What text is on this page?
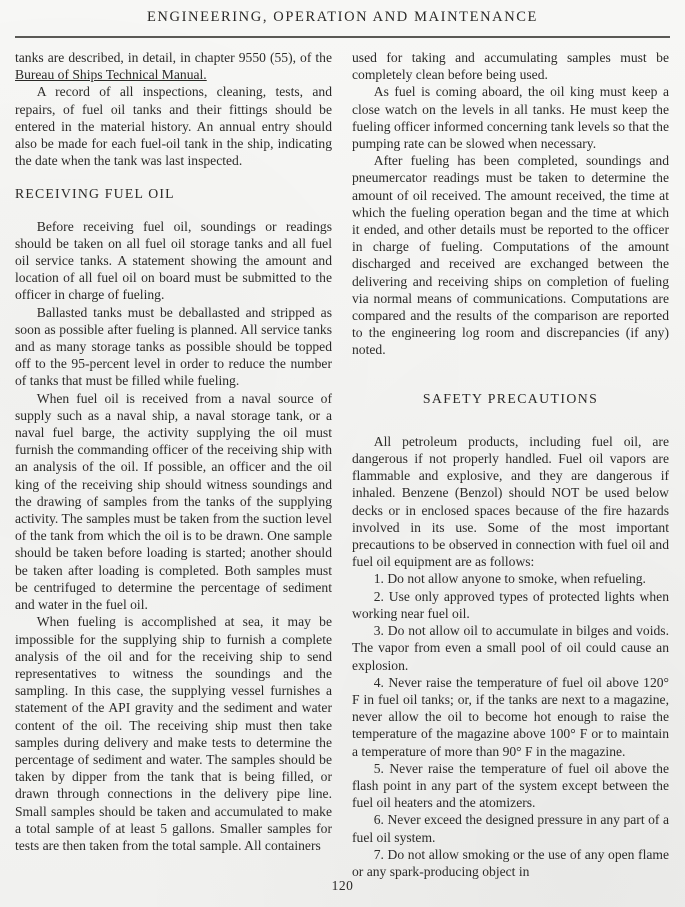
ENGINEERING, OPERATION AND MAINTENANCE

tanks are described, in detail, in chapter 9550 (55), of the Bureau of Ships Technical Manual.

A record of all inspections, cleaning, tests, and repairs, of fuel oil tanks and their fittings should be entered in the material history. An annual entry should also be made for each fuel-oil tank in the ship, indicating the date when the tank was last inspected.

RECEIVING FUEL OIL

Before receiving fuel oil, soundings or readings should be taken on all fuel oil storage tanks and all fuel oil service tanks. A statement showing the amount and location of all fuel oil on board must be submitted to the officer in charge of fueling.

Ballasted tanks must be deballasted and stripped as soon as possible after fueling is planned. All service tanks and as many storage tanks as possible should be topped off to the 95-percent level in order to reduce the number of tanks that must be filled while fueling.

When fuel oil is received from a naval source of supply such as a naval ship, a naval storage tank, or a naval fuel barge, the activity supplying the oil must furnish the commanding officer of the receiving ship with an analysis of the oil. If possible, an officer and the oil king of the receiving ship should witness soundings and the drawing of samples from the tanks of the supplying activity. The samples must be taken from the suction level of the tank from which the oil is to be drawn. One sample should be taken before loading is started; another should be taken after loading is completed. Both samples must be centrifuged to determine the percentage of sediment and water in the fuel oil.

When fueling is accomplished at sea, it may be impossible for the supplying ship to furnish a complete analysis of the oil and for the receiving ship to send representatives to witness the soundings and the sampling. In this case, the supplying vessel furnishes a statement of the API gravity and the sediment and water content of the oil. The receiving ship must then take samples during delivery and make tests to determine the percentage of sediment and water. The samples should be taken by dipper from the tank that is being filled, or drawn through connections in the delivery pipe line. Small samples should be taken and accumulated to make a total sample of at least 5 gallons. Smaller samples for tests are then taken from the total sample. All containers

used for taking and accumulating samples must be completely clean before being used.

As fuel is coming aboard, the oil king must keep a close watch on the levels in all tanks. He must keep the fueling officer informed concerning tank levels so that the pumping rate can be slowed when necessary.

After fueling has been completed, soundings and pneumercator readings must be taken to determine the amount of oil received. The amount received, the time at which the fueling operation began and the time at which it ended, and other details must be reported to the officer in charge of fueling. Computations of the amount discharged and received are exchanged between the delivering and receiving ships on completion of fueling via normal means of communications. Computations are compared and the results of the comparison are reported to the engineering log room and discrepancies (if any) noted.

SAFETY PRECAUTIONS

All petroleum products, including fuel oil, are dangerous if not properly handled. Fuel oil vapors are flammable and explosive, and they are dangerous if inhaled. Benzene (Benzol) should NOT be used below decks or in enclosed spaces because of the fire hazards involved in its use. Some of the most important precautions to be observed in connection with fuel oil and fuel oil equipment are as follows:

1. Do not allow anyone to smoke, when refueling.

2. Use only approved types of protected lights when working near fuel oil.

3. Do not allow oil to accumulate in bilges and voids. The vapor from even a small pool of oil could cause an explosion.

4. Never raise the temperature of fuel oil above 120° F in fuel oil tanks; or, if the tanks are next to a magazine, never allow the oil to become hot enough to raise the temperature of the magazine above 100° F or to maintain a temperature of more than 90° F in the magazine.

5. Never raise the temperature of fuel oil above the flash point in any part of the system except between the fuel oil heaters and the atomizers.

6. Never exceed the designed pressure in any part of a fuel oil system.

7. Do not allow smoking or the use of any open flame or any spark-producing object in

120
